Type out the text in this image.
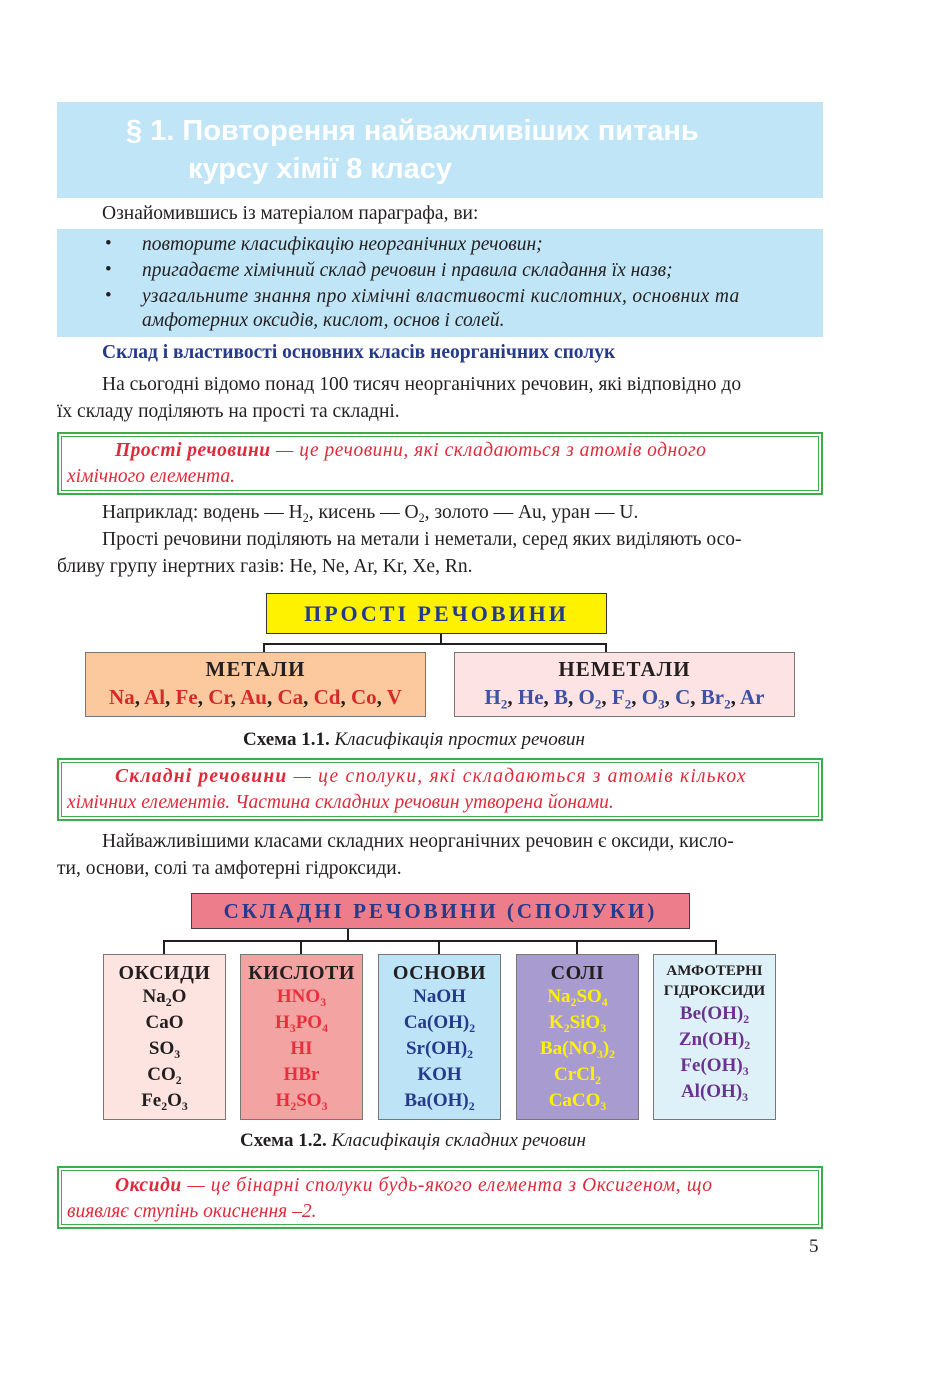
§ 1. Повторення найважливіших питань
курсу хімії 8 класу
Ознайомившись із матеріалом параграфа, ви:
• повторите класифікацію неорганічних речовин;
• пригадаєте хімічний склад речовин і правила складання їх назв;
• узагальните знання про хімічні властивості кислотних, основних та
амфотерних оксидів, кислот, основ і солей.
Склад і властивості основних класів неорганічних сполук
На сьогодні відомо понад 100 тисяч неорганічних речовин, які відповідно до
їх складу поділяють на прості та складні.
Прості речовини — це речовини, які складаються з атомів одного
хімічного елемента.
Наприклад: водень — $H_2$, кисень — $O_2$, золото — Au, уран — U.
Прості речовини поділяють на метали і неметали, серед яких виділяють осо-
бливу групу інертних газів: He, Ne, Ar, Kr, Xe, Rn.
ПРОСТІ РЕЧОВИНИ
МЕТАЛИ
Na, Al, Fe, Cr, Au, Ca, Cd, Co, V
НЕМЕТАЛИ
$H_2$, He, B, $O_2$, $F_2$, $O_3$, C, $Br_2$, Ar
Схема 1.1. Класифікація простих речовин
Складні речовини — це сполуки, які складаються з атомів кількох
хімічних елементів. Частина складних речовин утворена йонами.
Найважливішими класами складних неорганічних речовин є оксиди, кисло-
ти, основи, солі та амфотерні гідроксиди.
СКЛАДНІ РЕЧОВИНИ (СПОЛУКИ)
ОКСИДИ
$Na_2O$
CaO
$SO_3$
$CO_2$
$Fe_2O_3$
КИСЛОТИ
$HNO_3$
$H_3PO_4$
HI
HBr
$H_2SO_3$
ОСНОВИ
NaOH
$Ca(OH)_2$
$Sr(OH)_2$
KOH
$Ba(OH)_2$
СОЛІ
$Na_2SO_4$
$K_2SiO_3$
$Ba(NO_3)_2$
CrCl$_2$
CaCO$_3$
АМФОТЕРНІ
ГІДРОКСИДИ
$Be(OH)_2$
$Zn(OH)_2$
$Fe(OH)_3$
$Al(OH)_3$
Схема 1.2. Класифікація складних речовин
Оксиди — це бінарні сполуки будь-якого елемента з Оксигеном, що
виявляє ступінь окиснення –2.
5
